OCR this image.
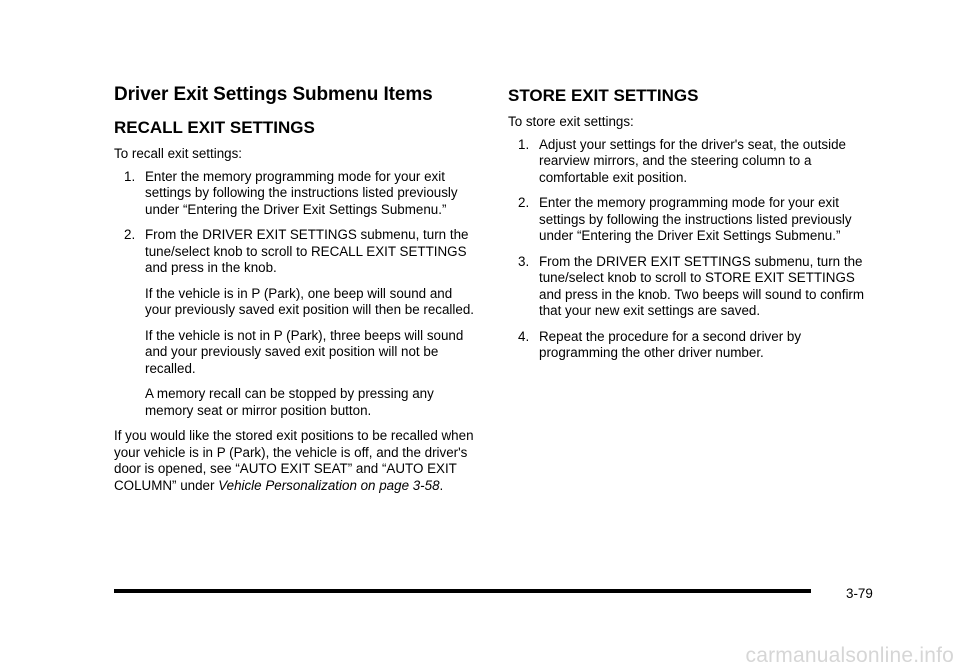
Driver Exit Settings Submenu Items
RECALL EXIT SETTINGS

To recall exit settings:

1. Enter the memory programming mode for your exit settings by following the instructions listed previously under “Entering the Driver Exit Settings Submenu.”
2. From the DRIVER EXIT SETTINGS submenu, turn the tune/select knob to scroll to RECALL EXIT SETTINGS and press in the knob.

If the vehicle is in P (Park), one beep will sound and your previously saved exit position will then be recalled.

If the vehicle is not in P (Park), three beeps will sound and your previously saved exit position will not be recalled.

A memory recall can be stopped by pressing any memory seat or mirror position button.

If you would like the stored exit positions to be recalled when your vehicle is in P (Park), the vehicle is off, and the driver's door is opened, see “AUTO EXIT SEAT” and “AUTO EXIT COLUMN” under Vehicle Personalization on page 3-58.

STORE EXIT SETTINGS

To store exit settings:

1. Adjust your settings for the driver's seat, the outside rearview mirrors, and the steering column to a comfortable exit position.
2. Enter the memory programming mode for your exit settings by following the instructions listed previously under “Entering the Driver Exit Settings Submenu.”
3. From the DRIVER EXIT SETTINGS submenu, turn the tune/select knob to scroll to STORE EXIT SETTINGS and press in the knob. Two beeps will sound to confirm that your new exit settings are saved.
4. Repeat the procedure for a second driver by programming the other driver number.
3-79
carmanualsonline.info
